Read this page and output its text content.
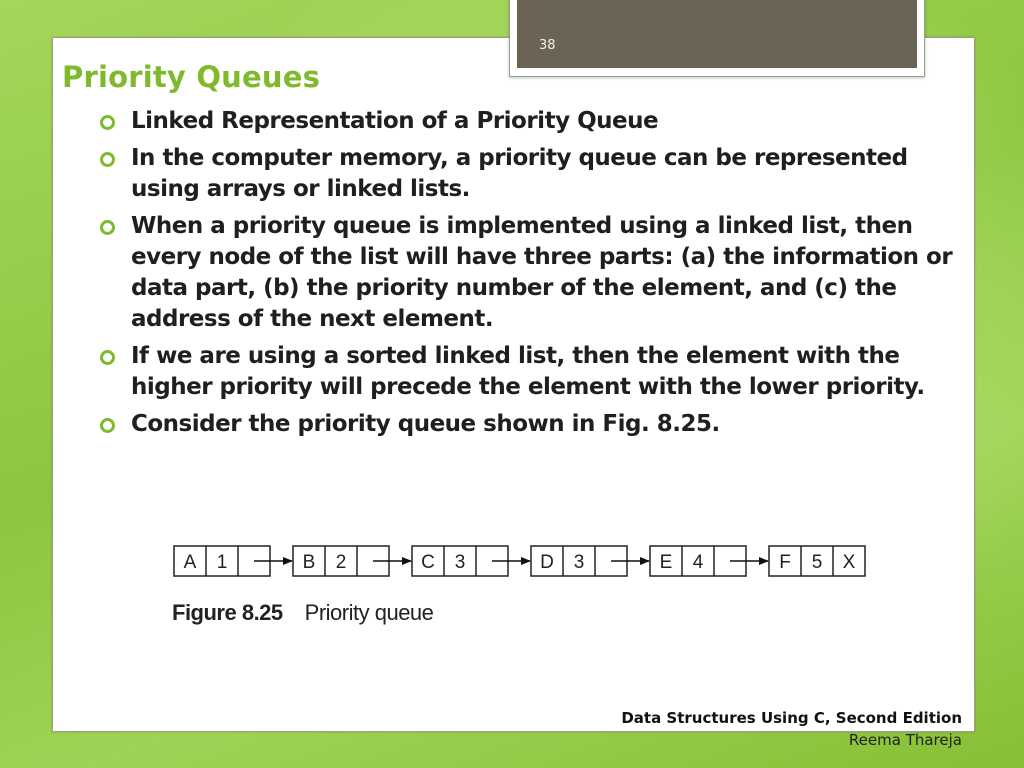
38
Priority Queues
Linked Representation of a Priority Queue
In the computer memory, a priority queue can be represented using arrays or linked lists.
When a priority queue is implemented using a linked list, then every node of the list will have three parts: (a) the information or data part, (b) the priority number of the element, and (c) the address of the next element.
If we are using a sorted linked list, then the element with the higher priority will precede the element with the lower priority.
Consider the priority queue shown in Fig. 8.25.
A 1	B 2	C 3	D 3	E 4	F 5 X
Figure 8.25 Priority queue
Data Structures Using C, Second Edition
Reema Thareja
